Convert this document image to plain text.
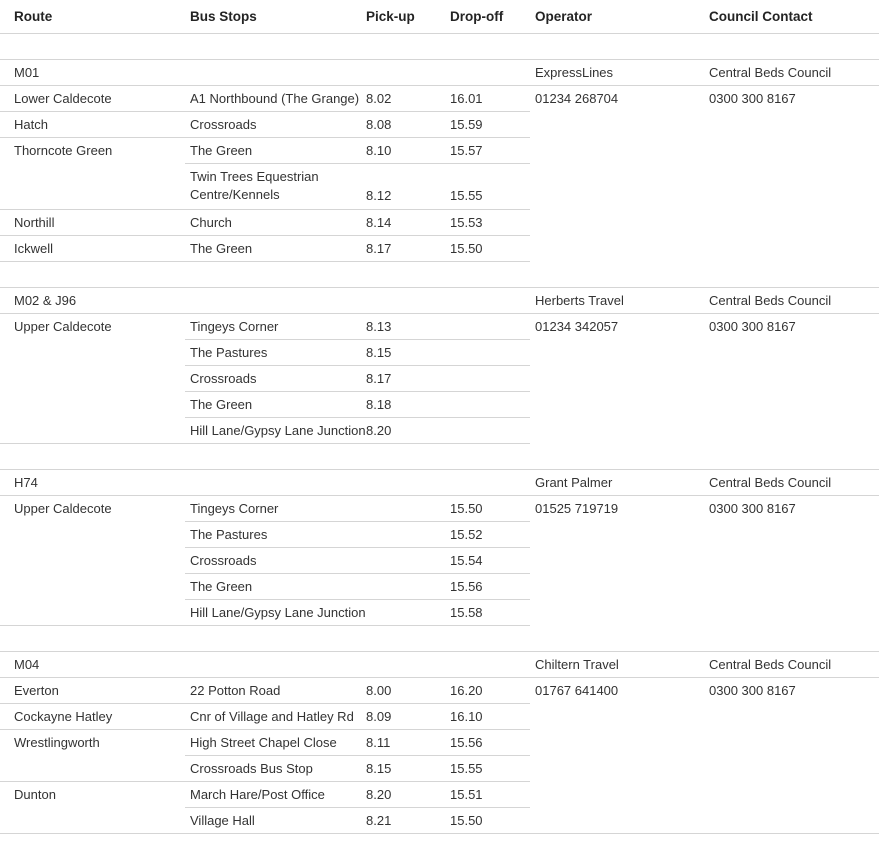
Route	Bus Stops	Pick-up	Drop-off	Operator	Council Contact

M01				ExpressLines	Central Beds Council
Lower Caldecote	A1 Northbound (The Grange)	8.02	16.01	01234 268704	0300 300 8167
Hatch	Crossroads	8.08	15.59		
Thorncote Green	The Green	8.10	15.57		
	Twin Trees Equestrian Centre/Kennels	8.12	15.55		
Northill	Church	8.14	15.53		
Ickwell	The Green	8.17	15.50		

M02 & J96				Herberts Travel	Central Beds Council
Upper Caldecote	Tingeys Corner	8.13		01234 342057	0300 300 8167
	The Pastures	8.15			
	Crossroads	8.17			
	The Green	8.18			
	Hill Lane/Gypsy Lane Junction	8.20			

H74				Grant Palmer	Central Beds Council
Upper Caldecote	Tingeys Corner		15.50	01525 719719	0300 300 8167
	The Pastures		15.52		
	Crossroads		15.54		
	The Green		15.56		
	Hill Lane/Gypsy Lane Junction		15.58		

M04				Chiltern Travel	Central Beds Council
Everton	22 Potton Road	8.00	16.20	01767 641400	0300 300 8167
Cockayne Hatley	Cnr of Village and Hatley Rd	8.09	16.10		
Wrestlingworth	High Street Chapel Close	8.11	15.56		
	Crossroads Bus Stop	8.15	15.55		
Dunton	March Hare/Post Office	8.20	15.51		
	Village Hall	8.21	15.50		
